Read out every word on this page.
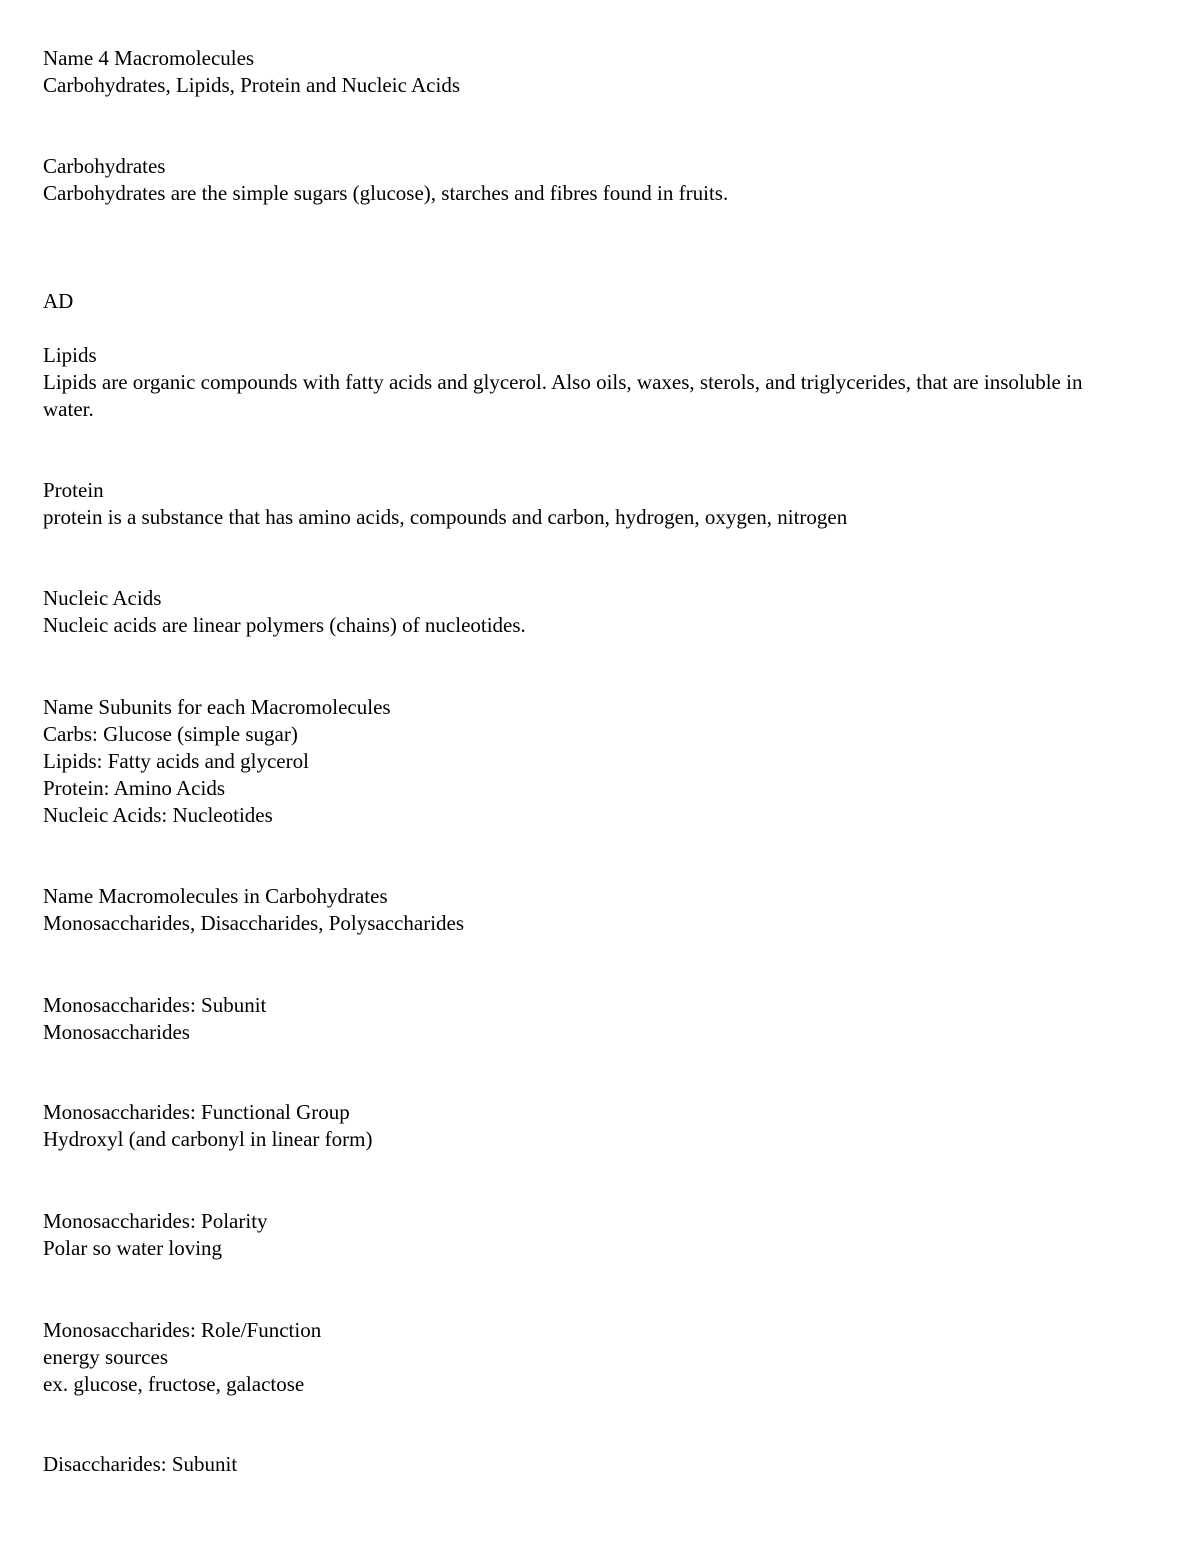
Name 4 Macromolecules

Carbohydrates, Lipids, Protein and Nucleic Acids

Carbohydrates

Carbohydrates are the simple sugars (glucose), starches and fibres found in fruits.

AD

Lipids

Lipids are organic compounds with fatty acids and glycerol. Also oils, waxes, sterols, and triglycerides, that are insoluble in water.

Protein

protein is a substance that has amino acids, compounds and carbon, hydrogen, oxygen, nitrogen

Nucleic Acids

Nucleic acids are linear polymers (chains) of nucleotides.

Name Subunits for each Macromolecules

Carbs: Glucose (simple sugar)

Lipids: Fatty acids and glycerol

Protein: Amino Acids

Nucleic Acids: Nucleotides

Name Macromolecules in Carbohydrates

Monosaccharides, Disaccharides, Polysaccharides

Monosaccharides: Subunit

Monosaccharides

Monosaccharides: Functional Group

Hydroxyl (and carbonyl in linear form)

Monosaccharides: Polarity

Polar so water loving

Monosaccharides: Role/Function

energy sources

ex. glucose, fructose, galactose

Disaccharides: Subunit
